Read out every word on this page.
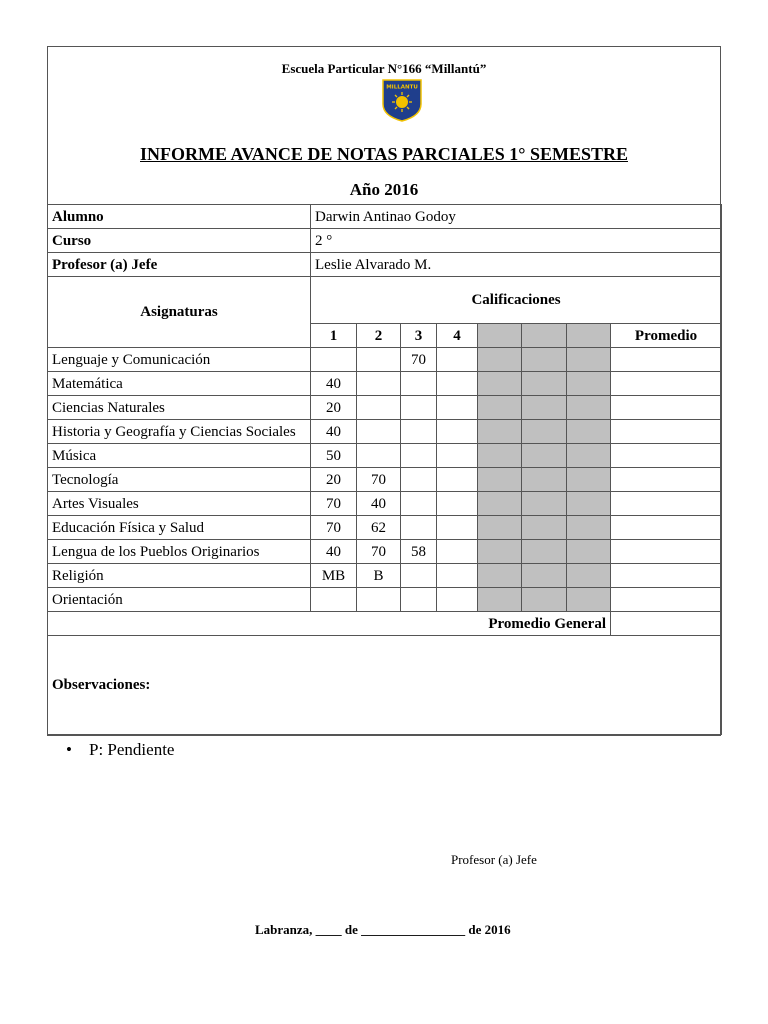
Escuela Particular N°166 “Millantú”
MILLANTU
INFORME AVANCE DE NOTAS PARCIALES 1° SEMESTRE
Año 2016
Alumno	Darwin Antinao Godoy							
Curso	2 °							
Profesor (a) Jefe	Leslie Alvarado M.							
Asignaturas	Calificaciones							
	1	2	3	4				Promedio
Lenguaje y Comunicación			70					
Matemática	40							
Ciencias Naturales	20							
Historia y Geografía y Ciencias Sociales	40							
Música	50							
Tecnología	20	70						
Artes Visuales	70	40						
Educación Física y Salud	70	62						
Lengua de los Pueblos Originarios	40	70	58					
Religión	MB	B						
Orientación								
Promedio General								
Observaciones:								
• P: Pendiente
Profesor (a) Jefe
Labranza, ____ de ________________ de 2016
